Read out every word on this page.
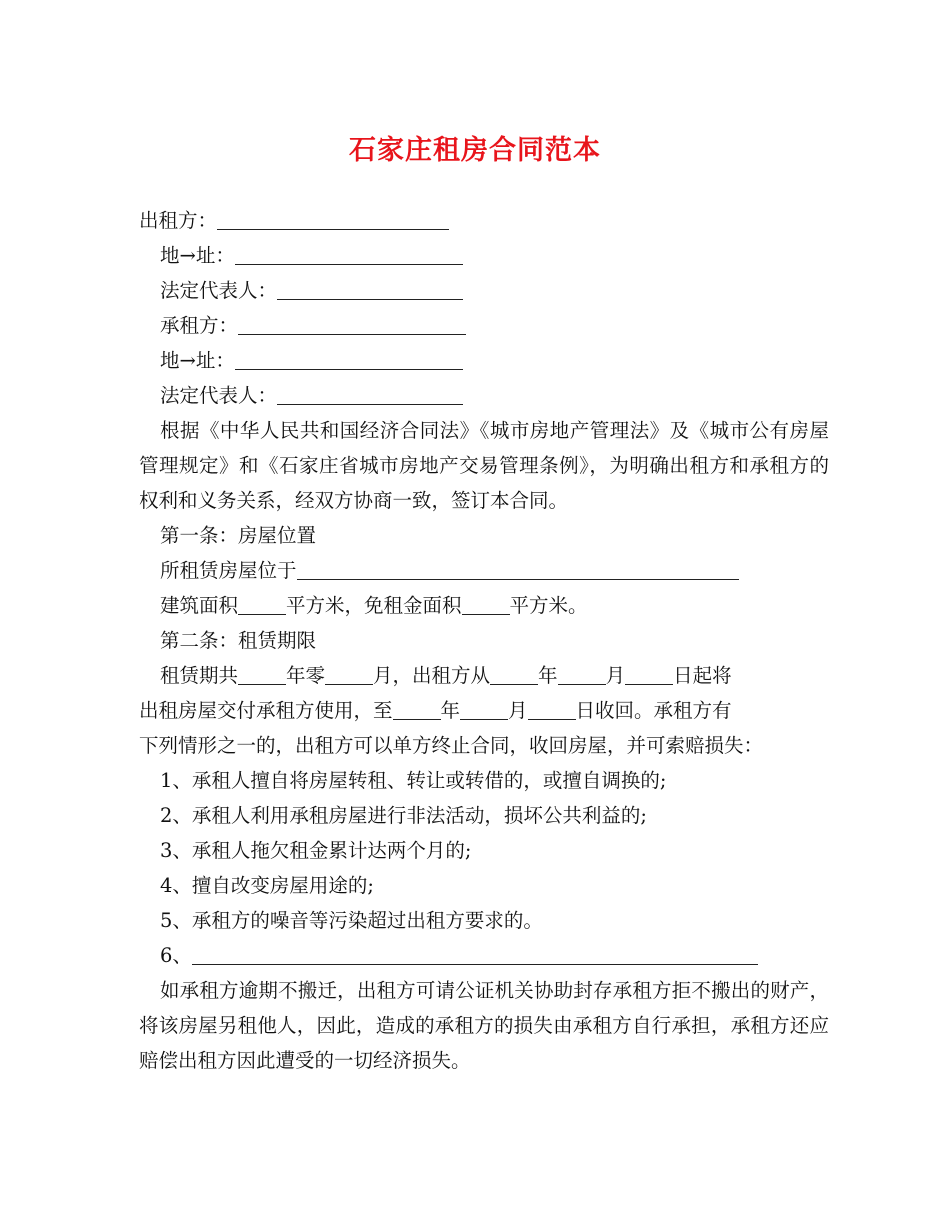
石家庄租房合同范本
出租方：
地→址：
法定代表人：
承租方：
地→址：
法定代表人：
根据《中华人民共和国经济合同法》《城市房地产管理法》及《城市公有房屋管理规定》和《石家庄省城市房地产交易管理条例》，为明确出租方和承租方的权利和义务关系，经双方协商一致，签订本合同。
第一条：房屋位置
所租赁房屋位于
建筑面积 平方米，免租金面积 平方米。
第二条：租赁期限
租赁期共 年零 月，出租方从 年 月 日起将
出租房屋交付承租方使用，至 年 月 日收回。承租方有
下列情形之一的，出租方可以单方终止合同，收回房屋，并可索赔损失：
1、承租人擅自将房屋转租、转让或转借的，或擅自调换的;
2、承租人利用承租房屋进行非法活动，损坏公共利益的;
3、承租人拖欠租金累计达两个月的;
4、擅自改变房屋用途的;
5、承租方的噪音等污染超过出租方要求的。
6、
如承租方逾期不搬迁，出租方可请公证机关协助封存承租方拒不搬出的财产，将该房屋另租他人，因此，造成的承租方的损失由承租方自行承担，承租方还应赔偿出租方因此遭受的一切经济损失。
